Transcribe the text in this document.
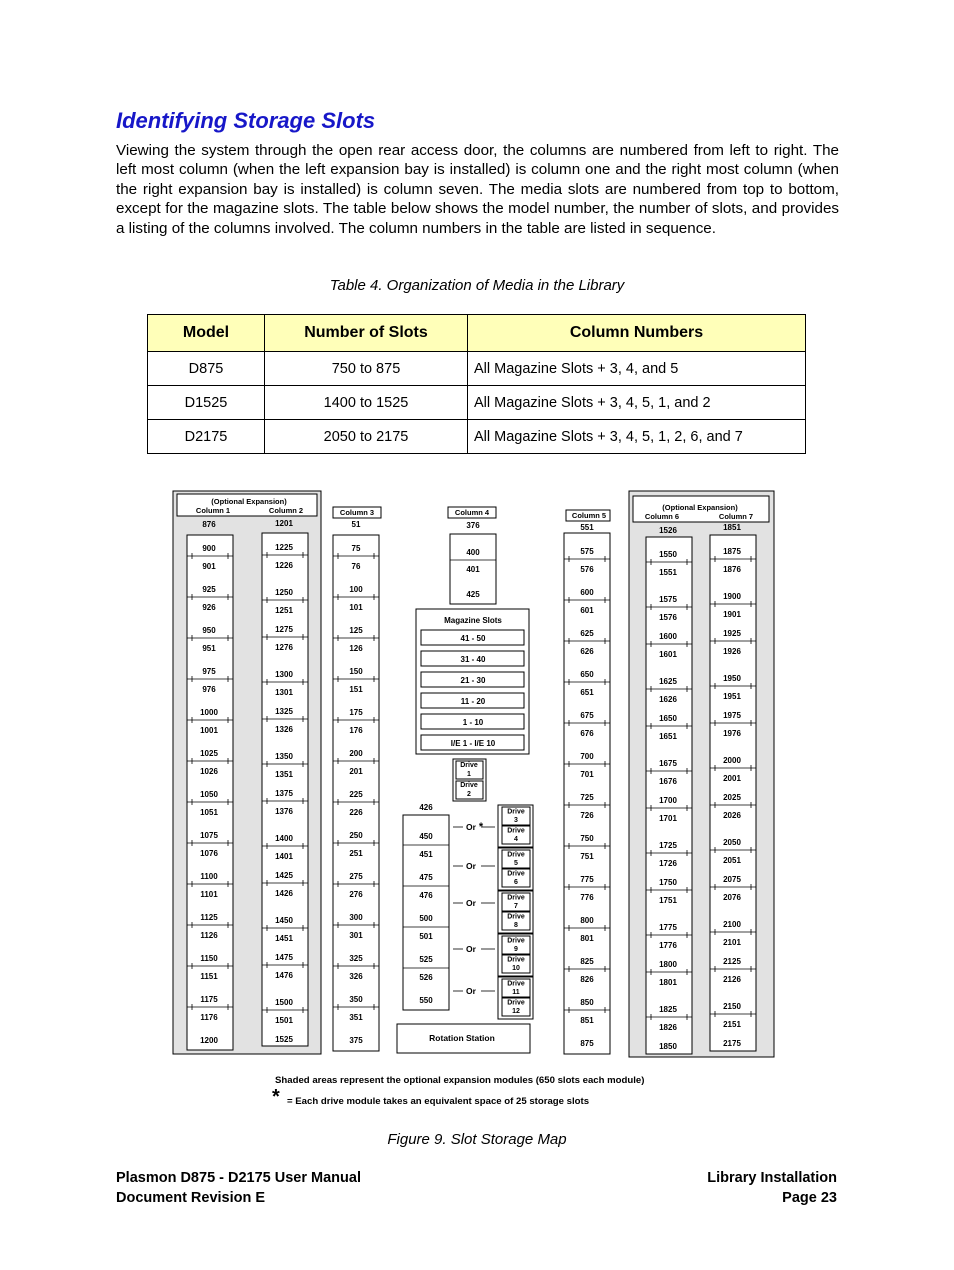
Identifying Storage Slots
Viewing the system through the open rear access door, the columns are numbered from left to right. The left most column (when the left expansion bay is installed) is column one and the right most column (when the right expansion bay is installed) is column seven. The media slots are numbered from top to bottom, except for the magazine slots. The table below shows the model number, the number of slots, and provides a listing of the columns involved. The column numbers in the table are listed in sequence.
Table 4. Organization of Media in the Library
Model	Number of Slots	Column Numbers
D875	750 to 875	All Magazine Slots + 3, 4, and 5
D1525	1400 to 1525	All Magazine Slots + 3, 4, 5, 1, and 2
D2175	2050 to 2175	All Magazine Slots + 3, 4, 5, 1, 2, 6, and 7
(Optional Expansion)
Column 1	Column 2	(Optional Expansion)
Column 6	Column 7
Column 3	Column 4	Column 5
876
900
901
925
926
950
951
975
976
1000
1001
1025
1026
1050
1051
1075
1076
1100
1101
1125
1126
1150
1151
1175
1176
1200
1201
1225
1226
1250
1251
1275
1276
1300
1301
1325
1326
1350
1351
1375
1376
1400
1401
1425
1426
1450
1451
1475
1476
1500
1501
1525
51
75
76
100
101
125
126
150
151
175
176
200
201
225
226
250
251
275
276
300
301
325
326
350
351
375
551
575
576
600
601
625
626
650
651
675
676
700
701
725
726
750
751
775
776
800
801
825
826
850
851
875
1526
1550
1551
1575
1576
1600
1601
1625
1626
1650
1651
1675
1676
1700
1701
1725
1726
1750
1751
1775
1776
1800
1801
1825
1826
1850
1851
1875
1876
1900
1901
1925
1926
1950
1951
1975
1976
2000
2001
2025
2026
2050
2051
2075
2076
2100
2101
2125
2126
2150
2151
2175
376
400
401
425
Magazine Slots
41 - 50
31 - 40
21 - 30
11 - 20
1 - 10
I/E 1 - I/E 10
Drive
1
Drive
2
426
450
451
475
476
500
501
525
526
550
Or
Drive
3
Drive
4
Or
Drive
5
Drive
6
Or	Drive
7
Drive
8
Or
Drive
9
Drive
10
Or
Drive
11
Drive
12
*
Rotation Station
Shaded areas represent the optional expansion modules (650 slots each module)
* = Each drive module takes an equivalent space of 25 storage slots
Figure 9. Slot Storage Map
Plasmon D875 - D2175 User Manual
Document Revision E
Library Installation
Page 23
